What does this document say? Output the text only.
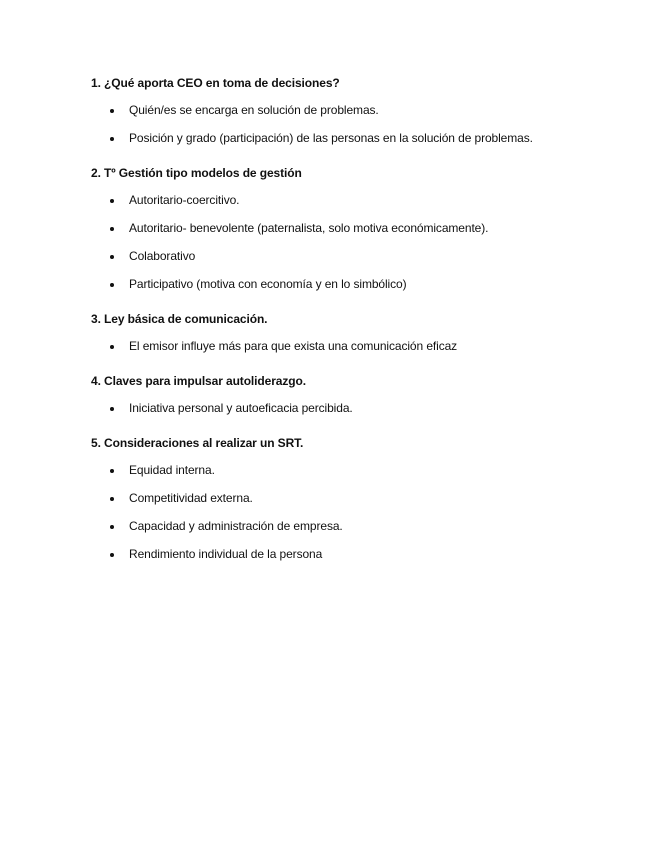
1. ¿Qué aporta CEO en toma de decisiones?
Quién/es se encarga en solución de problemas.
Posición y grado (participación) de las personas en la solución de problemas.
2. Tº Gestión tipo modelos de gestión
Autoritario-coercitivo.
Autoritario- benevolente (paternalista, solo motiva económicamente).
Colaborativo
Participativo (motiva con economía y en lo simbólico)
3. Ley básica de comunicación.
El emisor influye más para que exista una comunicación eficaz
4. Claves para impulsar autoliderazgo.
Iniciativa personal y autoeficacia percibida.
5. Consideraciones al realizar un SRT.
Equidad interna.
Competitividad externa.
Capacidad y administración de empresa.
Rendimiento individual de la persona
